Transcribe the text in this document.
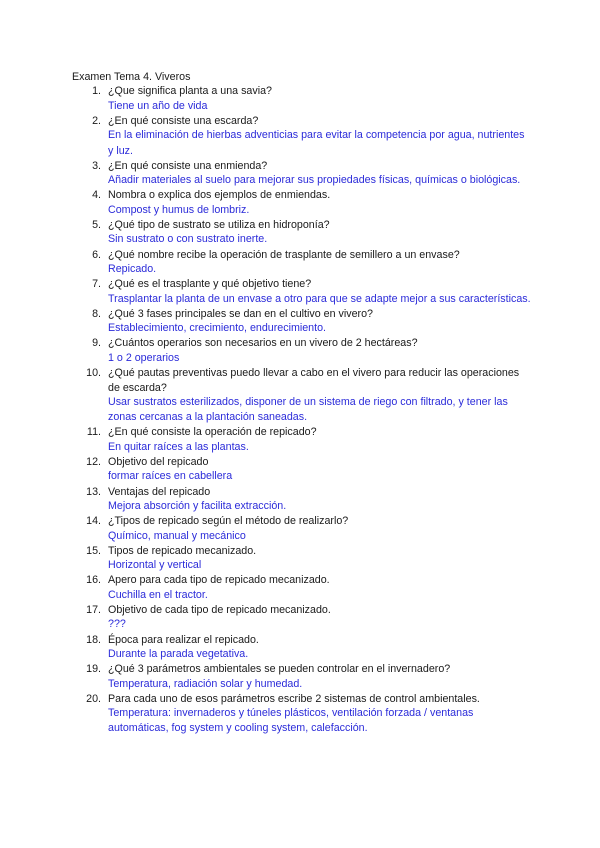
Examen Tema 4. Viveros
1. ¿Que significa planta a una savia?
Tiene un año de vida
2. ¿En qué consiste una escarda?
En la eliminación de hierbas adventicias para evitar la competencia por agua, nutrientes y luz.
3. ¿En qué consiste una enmienda?
Añadir materiales al suelo para mejorar sus propiedades físicas, químicas o biológicas.
4. Nombra o explica dos ejemplos de enmiendas.
Compost y humus de lombriz.
5. ¿Qué tipo de sustrato se utiliza en hidroponía?
Sin sustrato o con sustrato inerte.
6. ¿Qué nombre recibe la operación de trasplante de semillero a un envase?
Repicado.
7. ¿Qué es el trasplante y qué objetivo tiene?
Trasplantar la planta de un envase a otro para que se adapte mejor a sus características.
8. ¿Qué 3 fases principales se dan en el cultivo en vivero?
Establecimiento, crecimiento, endurecimiento.
9. ¿Cuántos operarios son necesarios en un vivero de 2 hectáreas?
1 o 2 operarios
10. ¿Qué pautas preventivas puedo llevar a cabo en el vivero para reducir las operaciones de escarda?
Usar sustratos esterilizados, disponer de un sistema de riego con filtrado, y tener las zonas cercanas a la plantación saneadas.
11. ¿En qué consiste la operación de repicado?
En quitar raíces a las plantas.
12. Objetivo del repicado
formar raíces en cabellera
13. Ventajas del repicado
Mejora absorción y facilita extracción.
14. ¿Tipos de repicado según el método de realizarlo?
Químico, manual y mecánico
15. Tipos de repicado mecanizado.
Horizontal y vertical
16. Apero para cada tipo de repicado mecanizado.
Cuchilla en el tractor.
17. Objetivo de cada tipo de repicado mecanizado.
???
18. Época para realizar el repicado.
Durante la parada vegetativa.
19. ¿Qué 3 parámetros ambientales se pueden controlar en el invernadero?
Temperatura, radiación solar y humedad.
20. Para cada uno de esos parámetros escribe 2 sistemas de control ambientales.
Temperatura: invernaderos y túneles plásticos, ventilación forzada / ventanas automáticas, fog system y cooling system, calefacción.
